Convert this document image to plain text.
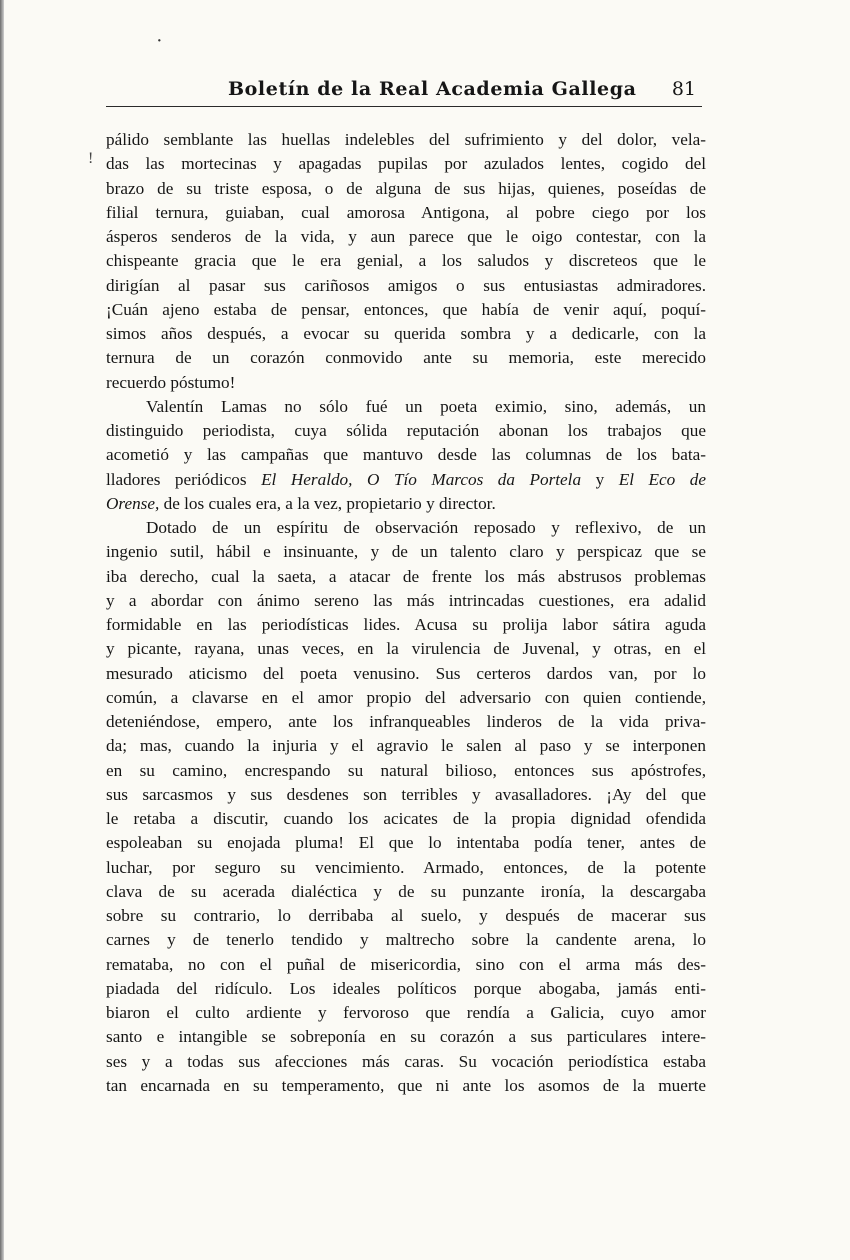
·
!
Boletín de la Real Academia Gallega 81
pálido semblante las huellas indelebles del sufrimiento y del dolor, vela-
das las mortecinas y apagadas pupilas por azulados lentes, cogido del
brazo de su triste esposa, o de alguna de sus hijas, quienes, poseídas de
filial ternura, guiaban, cual amorosa Antigona, al pobre ciego por los
ásperos senderos de la vida, y aun parece que le oigo contestar, con la
chispeante gracia que le era genial, a los saludos y discreteos que le
dirigían al pasar sus cariñosos amigos o sus entusiastas admiradores.
¡Cuán ajeno estaba de pensar, entonces, que había de venir aquí, poquí-
simos años después, a evocar su querida sombra y a dedicarle, con la
ternura de un corazón conmovido ante su memoria, este merecido
recuerdo póstumo!
Valentín Lamas no sólo fué un poeta eximio, sino, además, un
distinguido periodista, cuya sólida reputación abonan los trabajos que
acometió y las campañas que mantuvo desde las columnas de los bata-
lladores periódicos El Heraldo, O Tío Marcos da Portela y El Eco de
Orense, de los cuales era, a la vez, propietario y director.
Dotado de un espíritu de observación reposado y reflexivo, de un
ingenio sutil, hábil e insinuante, y de un talento claro y perspicaz que se
iba derecho, cual la saeta, a atacar de frente los más abstrusos problemas
y a abordar con ánimo sereno las más intrincadas cuestiones, era adalid
formidable en las periodísticas lides. Acusa su prolija labor sátira aguda
y picante, rayana, unas veces, en la virulencia de Juvenal, y otras, en el
mesurado aticismo del poeta venusino. Sus certeros dardos van, por lo
común, a clavarse en el amor propio del adversario con quien contiende,
deteniéndose, empero, ante los infranqueables linderos de la vida priva-
da; mas, cuando la injuria y el agravio le salen al paso y se interponen
en su camino, encrespando su natural bilioso, entonces sus apóstrofes,
sus sarcasmos y sus desdenes son terribles y avasalladores. ¡Ay del que
le retaba a discutir, cuando los acicates de la propia dignidad ofendida
espoleaban su enojada pluma! El que lo intentaba podía tener, antes de
luchar, por seguro su vencimiento. Armado, entonces, de la potente
clava de su acerada dialéctica y de su punzante ironía, la descargaba
sobre su contrario, lo derribaba al suelo, y después de macerar sus
carnes y de tenerlo tendido y maltrecho sobre la candente arena, lo
remataba, no con el puñal de misericordia, sino con el arma más des-
piadada del ridículo. Los ideales políticos porque abogaba, jamás enti-
biaron el culto ardiente y fervoroso que rendía a Galicia, cuyo amor
santo e intangible se sobreponía en su corazón a sus particulares intere-
ses y a todas sus afecciones más caras. Su vocación periodística estaba
tan encarnada en su temperamento, que ni ante los asomos de la muerte
